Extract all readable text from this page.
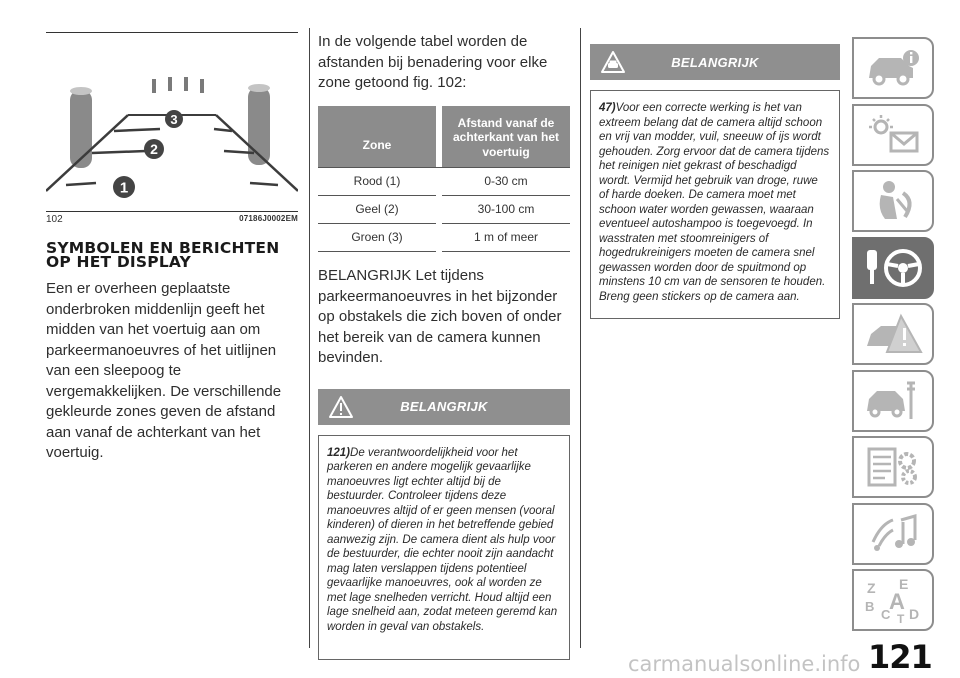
1
2
3
102	07186J0002EM
SYMBOLEN EN BERICHTEN OP HET DISPLAY

Een er overheen geplaatste onderbroken middenlijn geeft het midden van het voertuig aan om parkeermanoeuvres of het uitlijnen van een sleepoog te vergemakkelijken. De verschillende gekleurde zones geven de afstand aan vanaf de achterkant van het voertuig.

In de volgende tabel worden de afstanden bij benadering voor elke zone getoond fig. 102:

Zone		Afstand vanaf de achterkant van het voertuig
Rood (1)		0-30 cm
Geel (2)		30-100 cm
Groen (3)		1 m of meer

BELANGRIJK Let tijdens parkeermanoeuvres in het bijzonder op obstakels die zich boven of onder het bereik van de camera kunnen bevinden.

BELANGRIJK
121)De verantwoordelijkheid voor het parkeren en andere mogelijk gevaarlijke manoeuvres ligt echter altijd bij de bestuurder. Controleer tijdens deze manoeuvres altijd of er geen mensen (vooral kinderen) of dieren in het betreffende gebied aanwezig zijn. De camera dient als hulp voor de bestuurder, die echter nooit zijn aandacht mag laten verslappen tijdens potentieel gevaarlijke manoeuvres, ook al worden ze met lage snelheden verricht. Houd altijd een lage snelheid aan, zodat meteen geremd kan worden in geval van obstakels.
BELANGRIJK
47)Voor een correcte werking is het van extreem belang dat de camera altijd schoon en vrij van modder, vuil, sneeuw of ijs wordt gehouden. Zorg ervoor dat de camera tijdens het reinigen niet gekrast of beschadigd wordt. Vermijd het gebruik van droge, ruwe of harde doeken. De camera moet met schoon water worden gewassen, waaraan eventueel autoshampoo is toegevoegd. In wasstraten met stoomreinigers of hogedrukreinigers moeten de camera snel gewassen worden door de spuitmond op minstens 10 cm van de sensoren te houden. Breng geen stickers op de camera aan.
Z E
B
C
A D
T
121
carmanualsonline.info
